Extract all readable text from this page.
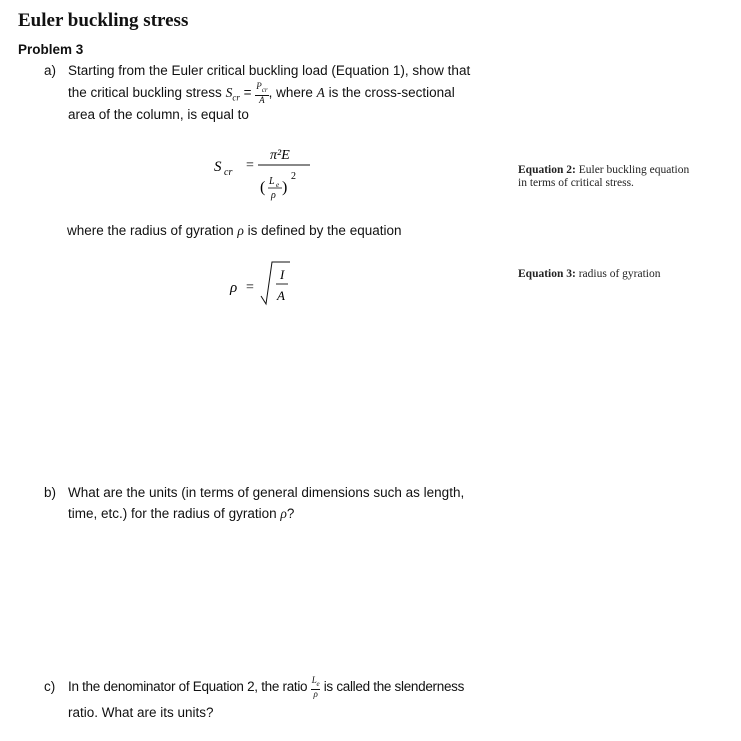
Euler buckling stress
Problem 3
a) Starting from the Euler critical buckling load (Equation 1), show that
the critical buckling stress $S_{cr} = \frac{P_{cr}}{A}$ , where A is the cross-sectional
area of the column, is equal to
S cr =
π²E
( L e
ρ )
2
Equation 2: Euler buckling equation
in terms of critical stress.
where the radius of gyration ρ is defined by the equation
ρ =
I
A
Equation 3: radius of gyration
b) What are the units (in terms of general dimensions such as length,
time, etc.) for the radius of gyration ρ?
c) In the denominator of Equation 2, the ratio $\frac{L_e}{\rho}$ is called the slenderness
ratio. What are its units?
